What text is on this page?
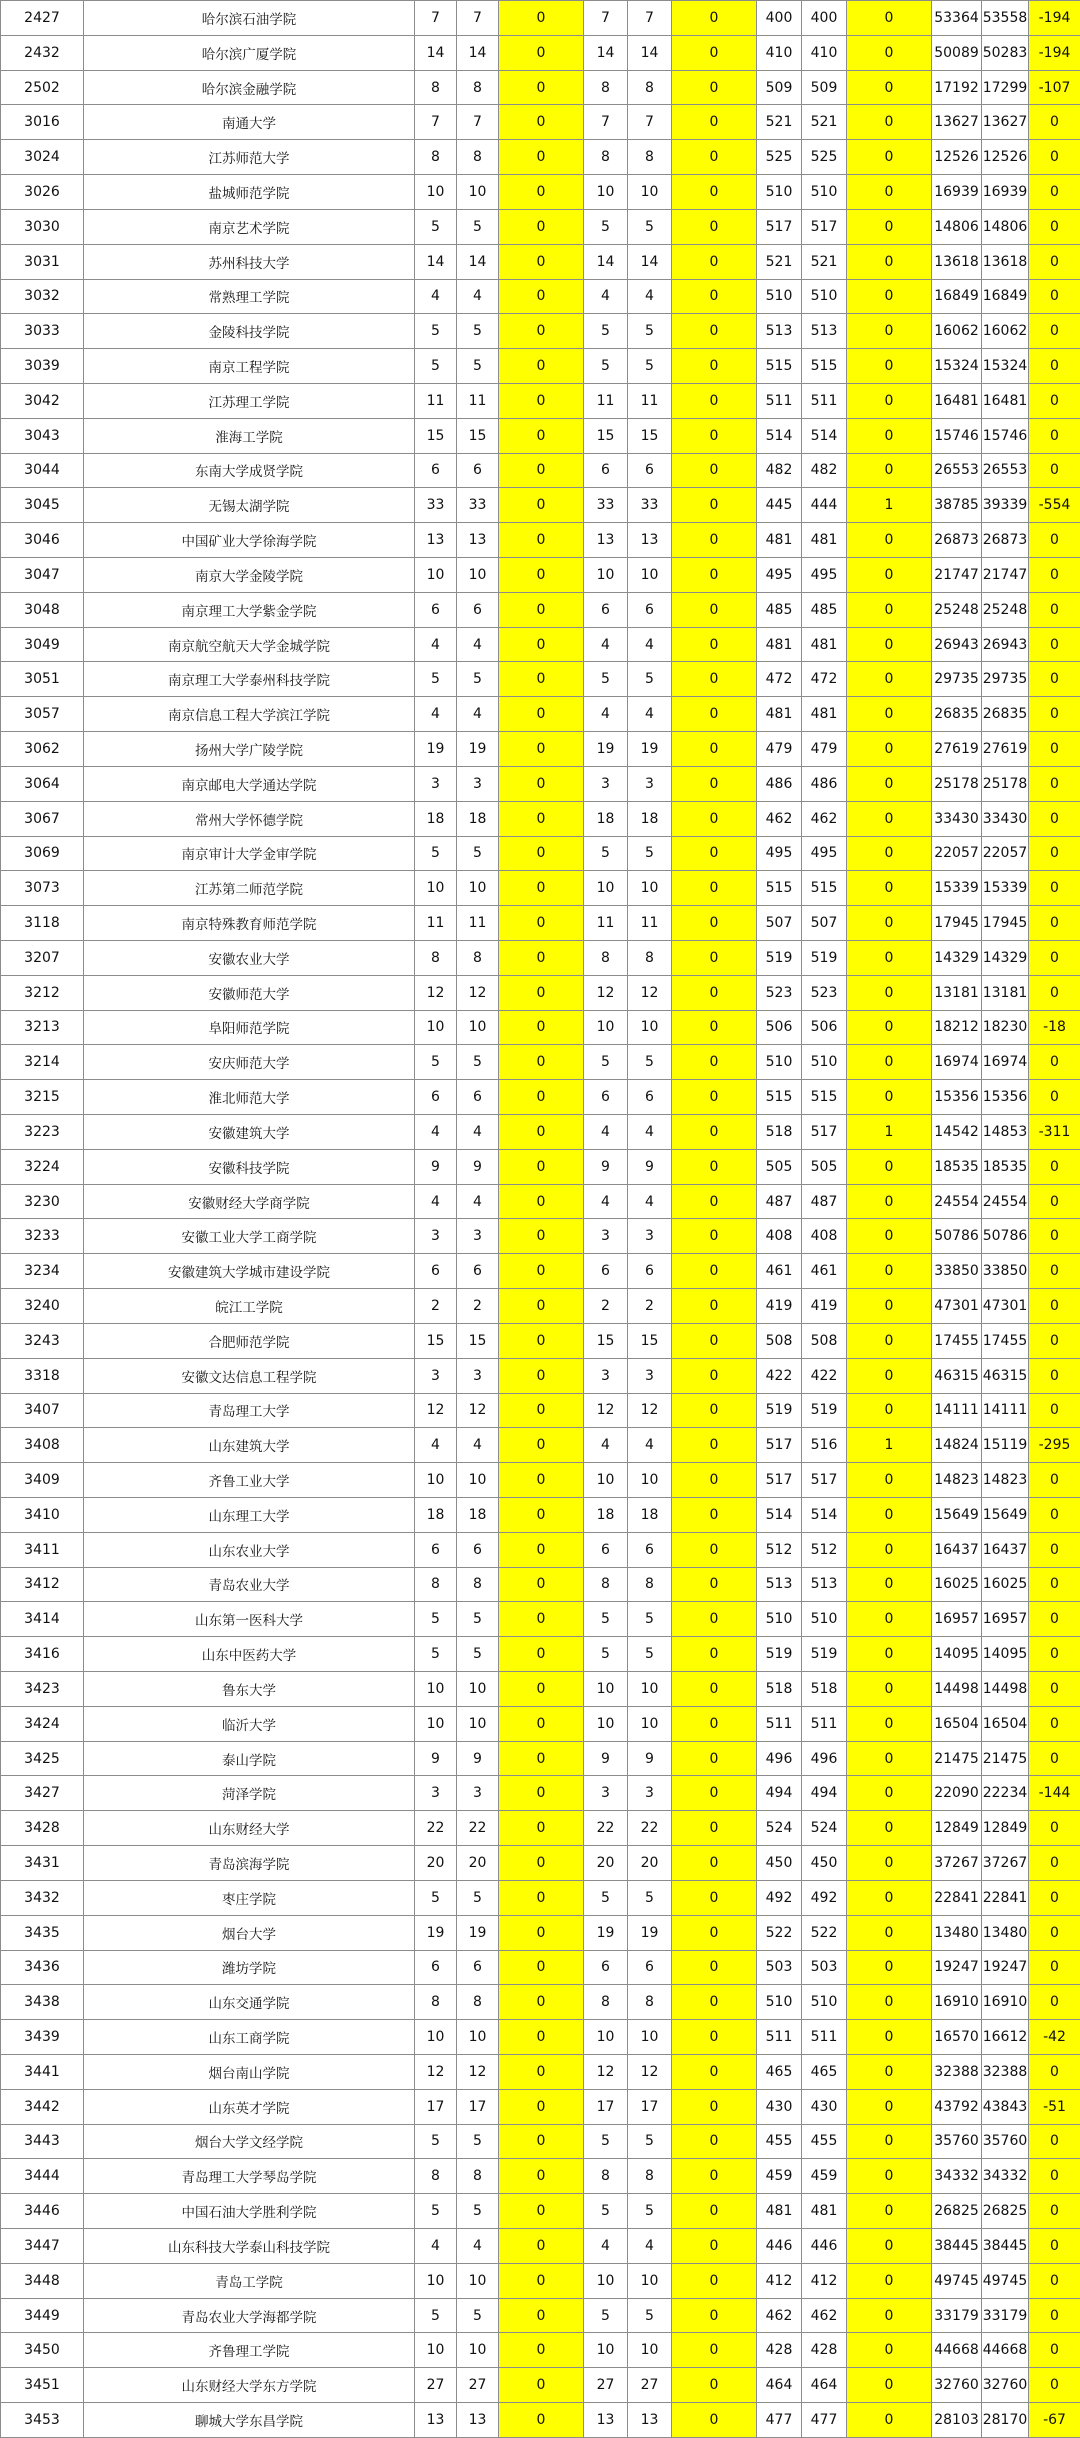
2427	哈尔滨石油学院	7	7	0	7	7	0	400	400	0	53364	53558	-194
2432	哈尔滨广厦学院	14	14	0	14	14	0	410	410	0	50089	50283	-194
2502	哈尔滨金融学院	8	8	0	8	8	0	509	509	0	17192	17299	-107
3016	南通大学	7	7	0	7	7	0	521	521	0	13627	13627	0
3024	江苏师范大学	8	8	0	8	8	0	525	525	0	12526	12526	0
3026	盐城师范学院	10	10	0	10	10	0	510	510	0	16939	16939	0
3030	南京艺术学院	5	5	0	5	5	0	517	517	0	14806	14806	0
3031	苏州科技大学	14	14	0	14	14	0	521	521	0	13618	13618	0
3032	常熟理工学院	4	4	0	4	4	0	510	510	0	16849	16849	0
3033	金陵科技学院	5	5	0	5	5	0	513	513	0	16062	16062	0
3039	南京工程学院	5	5	0	5	5	0	515	515	0	15324	15324	0
3042	江苏理工学院	11	11	0	11	11	0	511	511	0	16481	16481	0
3043	淮海工学院	15	15	0	15	15	0	514	514	0	15746	15746	0
3044	东南大学成贤学院	6	6	0	6	6	0	482	482	0	26553	26553	0
3045	无锡太湖学院	33	33	0	33	33	0	445	444	1	38785	39339	-554
3046	中国矿业大学徐海学院	13	13	0	13	13	0	481	481	0	26873	26873	0
3047	南京大学金陵学院	10	10	0	10	10	0	495	495	0	21747	21747	0
3048	南京理工大学紫金学院	6	6	0	6	6	0	485	485	0	25248	25248	0
3049	南京航空航天大学金城学院	4	4	0	4	4	0	481	481	0	26943	26943	0
3051	南京理工大学泰州科技学院	5	5	0	5	5	0	472	472	0	29735	29735	0
3057	南京信息工程大学滨江学院	4	4	0	4	4	0	481	481	0	26835	26835	0
3062	扬州大学广陵学院	19	19	0	19	19	0	479	479	0	27619	27619	0
3064	南京邮电大学通达学院	3	3	0	3	3	0	486	486	0	25178	25178	0
3067	常州大学怀德学院	18	18	0	18	18	0	462	462	0	33430	33430	0
3069	南京审计大学金审学院	5	5	0	5	5	0	495	495	0	22057	22057	0
3073	江苏第二师范学院	10	10	0	10	10	0	515	515	0	15339	15339	0
3118	南京特殊教育师范学院	11	11	0	11	11	0	507	507	0	17945	17945	0
3207	安徽农业大学	8	8	0	8	8	0	519	519	0	14329	14329	0
3212	安徽师范大学	12	12	0	12	12	0	523	523	0	13181	13181	0
3213	阜阳师范学院	10	10	0	10	10	0	506	506	0	18212	18230	-18
3214	安庆师范大学	5	5	0	5	5	0	510	510	0	16974	16974	0
3215	淮北师范大学	6	6	0	6	6	0	515	515	0	15356	15356	0
3223	安徽建筑大学	4	4	0	4	4	0	518	517	1	14542	14853	-311
3224	安徽科技学院	9	9	0	9	9	0	505	505	0	18535	18535	0
3230	安徽财经大学商学院	4	4	0	4	4	0	487	487	0	24554	24554	0
3233	安徽工业大学工商学院	3	3	0	3	3	0	408	408	0	50786	50786	0
3234	安徽建筑大学城市建设学院	6	6	0	6	6	0	461	461	0	33850	33850	0
3240	皖江工学院	2	2	0	2	2	0	419	419	0	47301	47301	0
3243	合肥师范学院	15	15	0	15	15	0	508	508	0	17455	17455	0
3318	安徽文达信息工程学院	3	3	0	3	3	0	422	422	0	46315	46315	0
3407	青岛理工大学	12	12	0	12	12	0	519	519	0	14111	14111	0
3408	山东建筑大学	4	4	0	4	4	0	517	516	1	14824	15119	-295
3409	齐鲁工业大学	10	10	0	10	10	0	517	517	0	14823	14823	0
3410	山东理工大学	18	18	0	18	18	0	514	514	0	15649	15649	0
3411	山东农业大学	6	6	0	6	6	0	512	512	0	16437	16437	0
3412	青岛农业大学	8	8	0	8	8	0	513	513	0	16025	16025	0
3414	山东第一医科大学	5	5	0	5	5	0	510	510	0	16957	16957	0
3416	山东中医药大学	5	5	0	5	5	0	519	519	0	14095	14095	0
3423	鲁东大学	10	10	0	10	10	0	518	518	0	14498	14498	0
3424	临沂大学	10	10	0	10	10	0	511	511	0	16504	16504	0
3425	泰山学院	9	9	0	9	9	0	496	496	0	21475	21475	0
3427	菏泽学院	3	3	0	3	3	0	494	494	0	22090	22234	-144
3428	山东财经大学	22	22	0	22	22	0	524	524	0	12849	12849	0
3431	青岛滨海学院	20	20	0	20	20	0	450	450	0	37267	37267	0
3432	枣庄学院	5	5	0	5	5	0	492	492	0	22841	22841	0
3435	烟台大学	19	19	0	19	19	0	522	522	0	13480	13480	0
3436	潍坊学院	6	6	0	6	6	0	503	503	0	19247	19247	0
3438	山东交通学院	8	8	0	8	8	0	510	510	0	16910	16910	0
3439	山东工商学院	10	10	0	10	10	0	511	511	0	16570	16612	-42
3441	烟台南山学院	12	12	0	12	12	0	465	465	0	32388	32388	0
3442	山东英才学院	17	17	0	17	17	0	430	430	0	43792	43843	-51
3443	烟台大学文经学院	5	5	0	5	5	0	455	455	0	35760	35760	0
3444	青岛理工大学琴岛学院	8	8	0	8	8	0	459	459	0	34332	34332	0
3446	中国石油大学胜利学院	5	5	0	5	5	0	481	481	0	26825	26825	0
3447	山东科技大学泰山科技学院	4	4	0	4	4	0	446	446	0	38445	38445	0
3448	青岛工学院	10	10	0	10	10	0	412	412	0	49745	49745	0
3449	青岛农业大学海都学院	5	5	0	5	5	0	462	462	0	33179	33179	0
3450	齐鲁理工学院	10	10	0	10	10	0	428	428	0	44668	44668	0
3451	山东财经大学东方学院	27	27	0	27	27	0	464	464	0	32760	32760	0
3453	聊城大学东昌学院	13	13	0	13	13	0	477	477	0	28103	28170	-67
